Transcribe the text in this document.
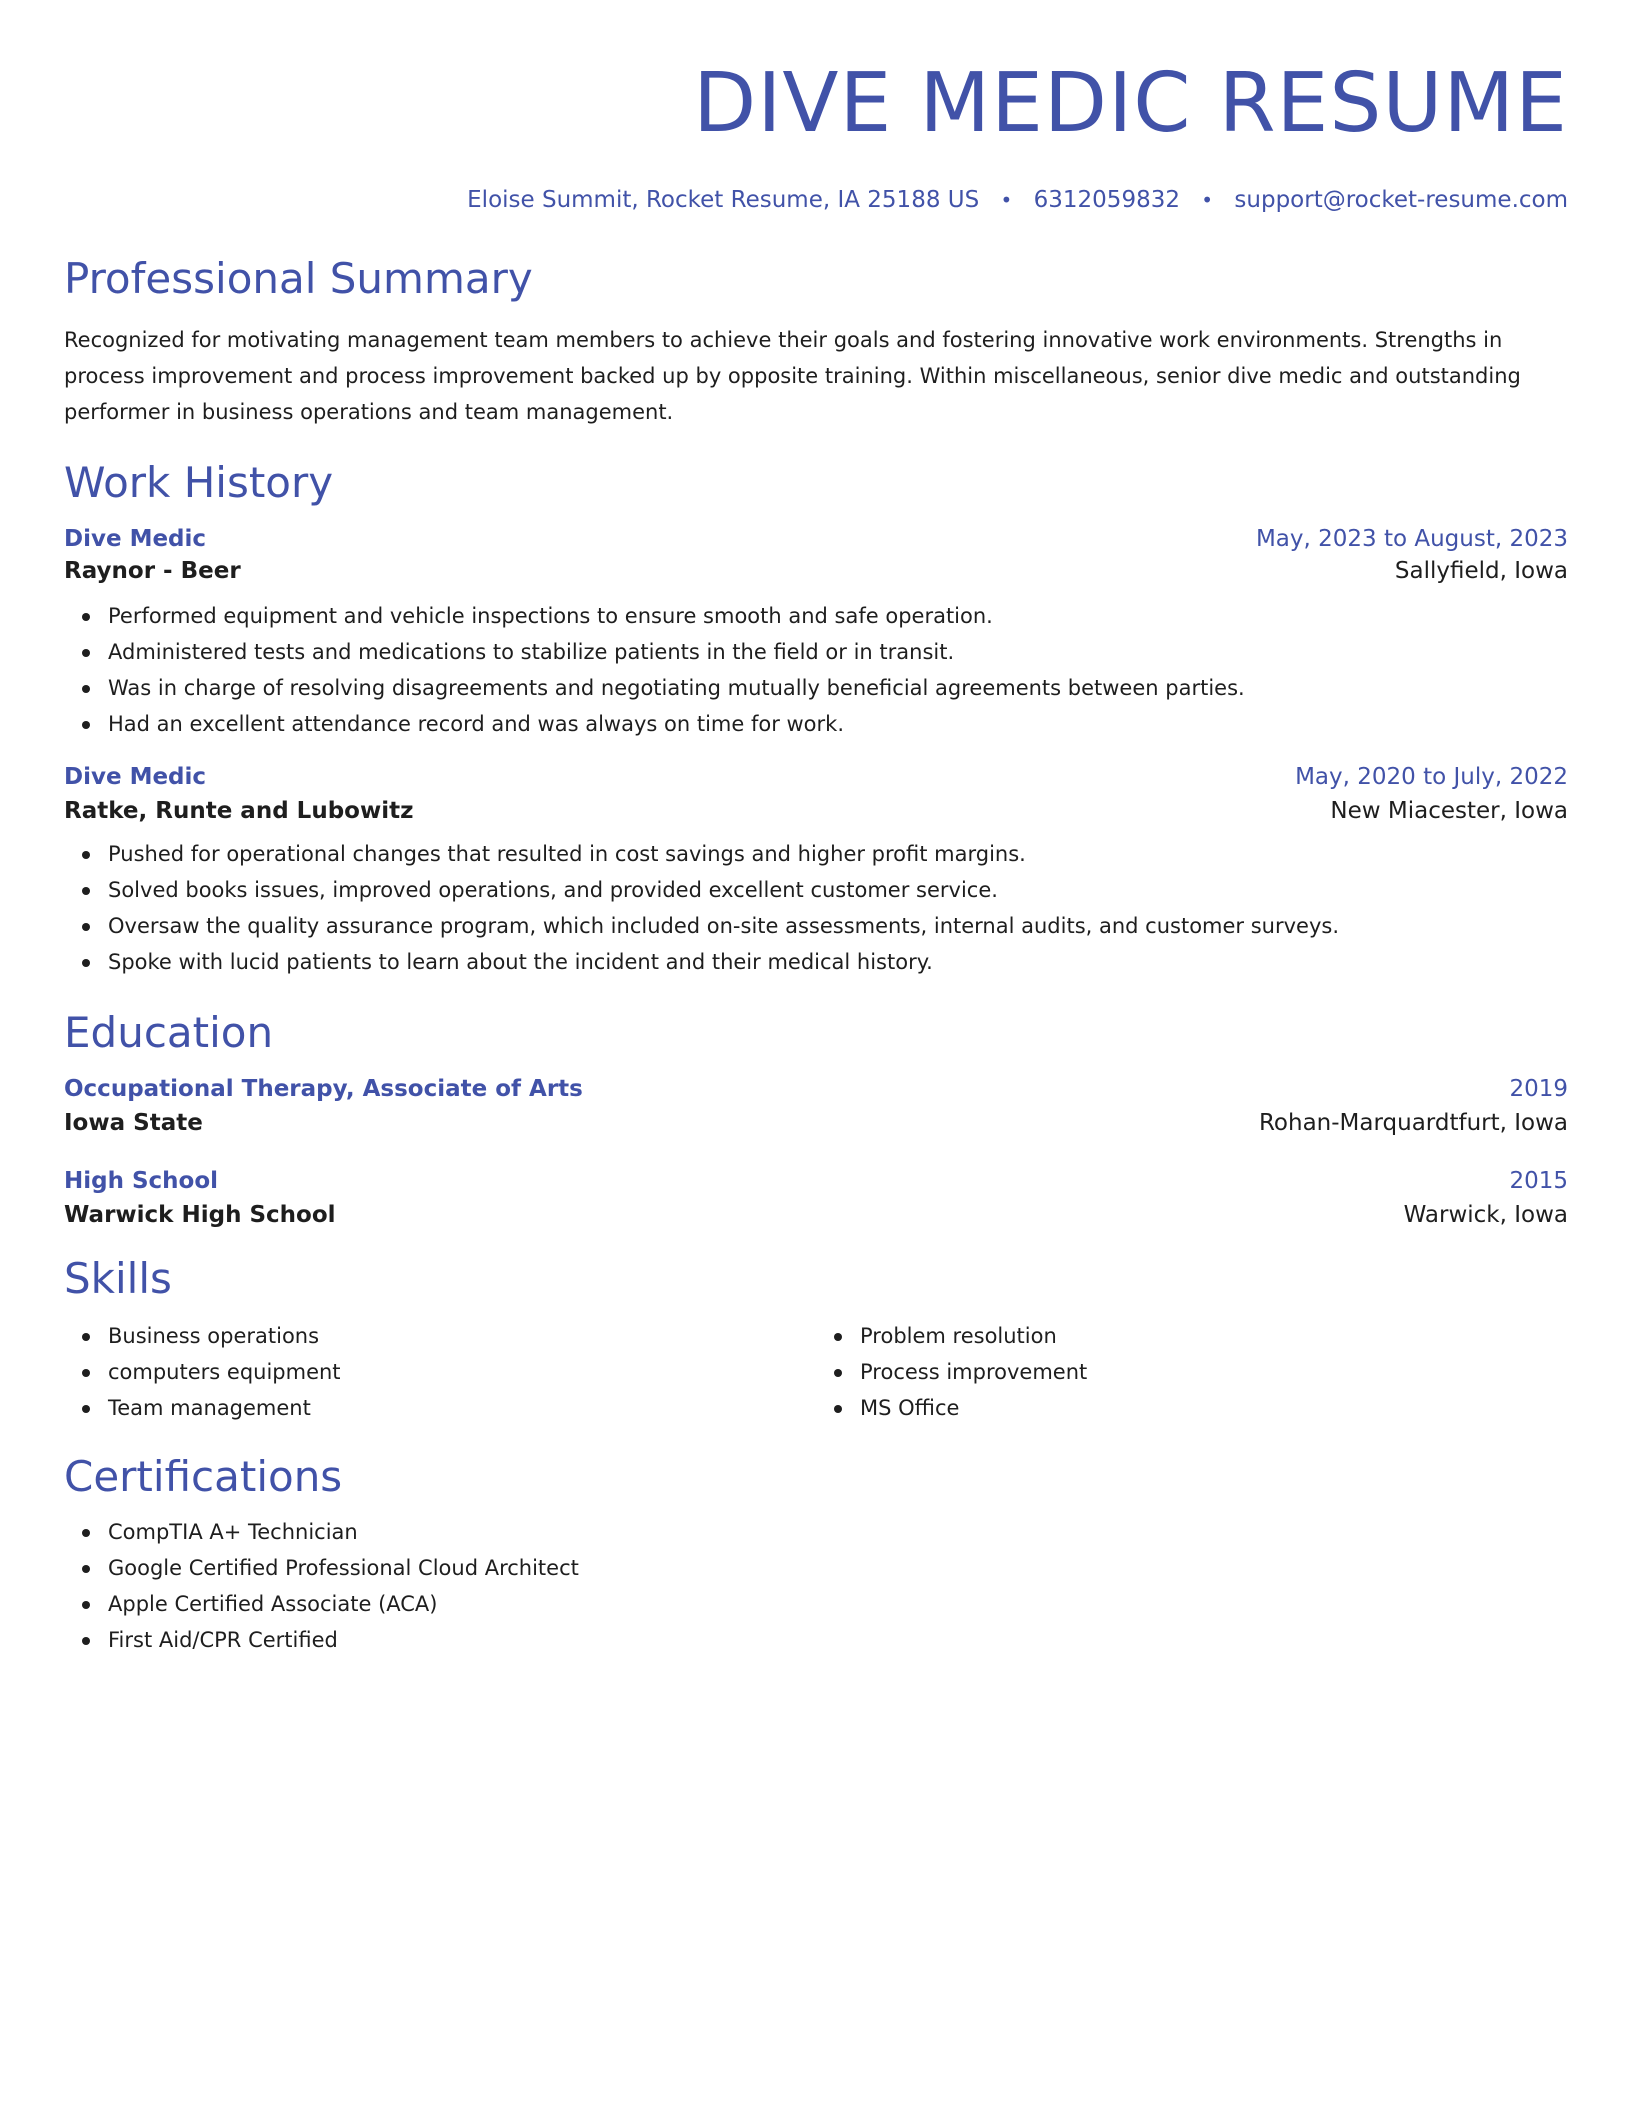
DIVE MEDIC RESUME
Eloise Summit, Rocket Resume, IA 25188 US • 6312059832 • support@rocket-resume.com
Professional Summary
Recognized for motivating management team members to achieve their goals and fostering innovative work environments. Strengths in process improvement and process improvement backed up by opposite training. Within miscellaneous, senior dive medic and outstanding performer in business operations and team management.
Work History
Dive Medic	May, 2023 to August, 2023
Raynor - Beer	Sallyfield, Iowa
Performed equipment and vehicle inspections to ensure smooth and safe operation.
Administered tests and medications to stabilize patients in the field or in transit.
Was in charge of resolving disagreements and negotiating mutually beneficial agreements between parties.
Had an excellent attendance record and was always on time for work.
Dive Medic	May, 2020 to July, 2022
Ratke, Runte and Lubowitz	New Miacester, Iowa
Pushed for operational changes that resulted in cost savings and higher profit margins.
Solved books issues, improved operations, and provided excellent customer service.
Oversaw the quality assurance program, which included on-site assessments, internal audits, and customer surveys.
Spoke with lucid patients to learn about the incident and their medical history.
Education
Occupational Therapy, Associate of Arts	2019
Iowa State	Rohan-Marquardtfurt, Iowa
High School	2015
Warwick High School	Warwick, Iowa
Skills
Business operations
computers equipment
Team management
Problem resolution
Process improvement
MS Office
Certifications
CompTIA A+ Technician
Google Certified Professional Cloud Architect
Apple Certified Associate (ACA)
First Aid/CPR Certified
